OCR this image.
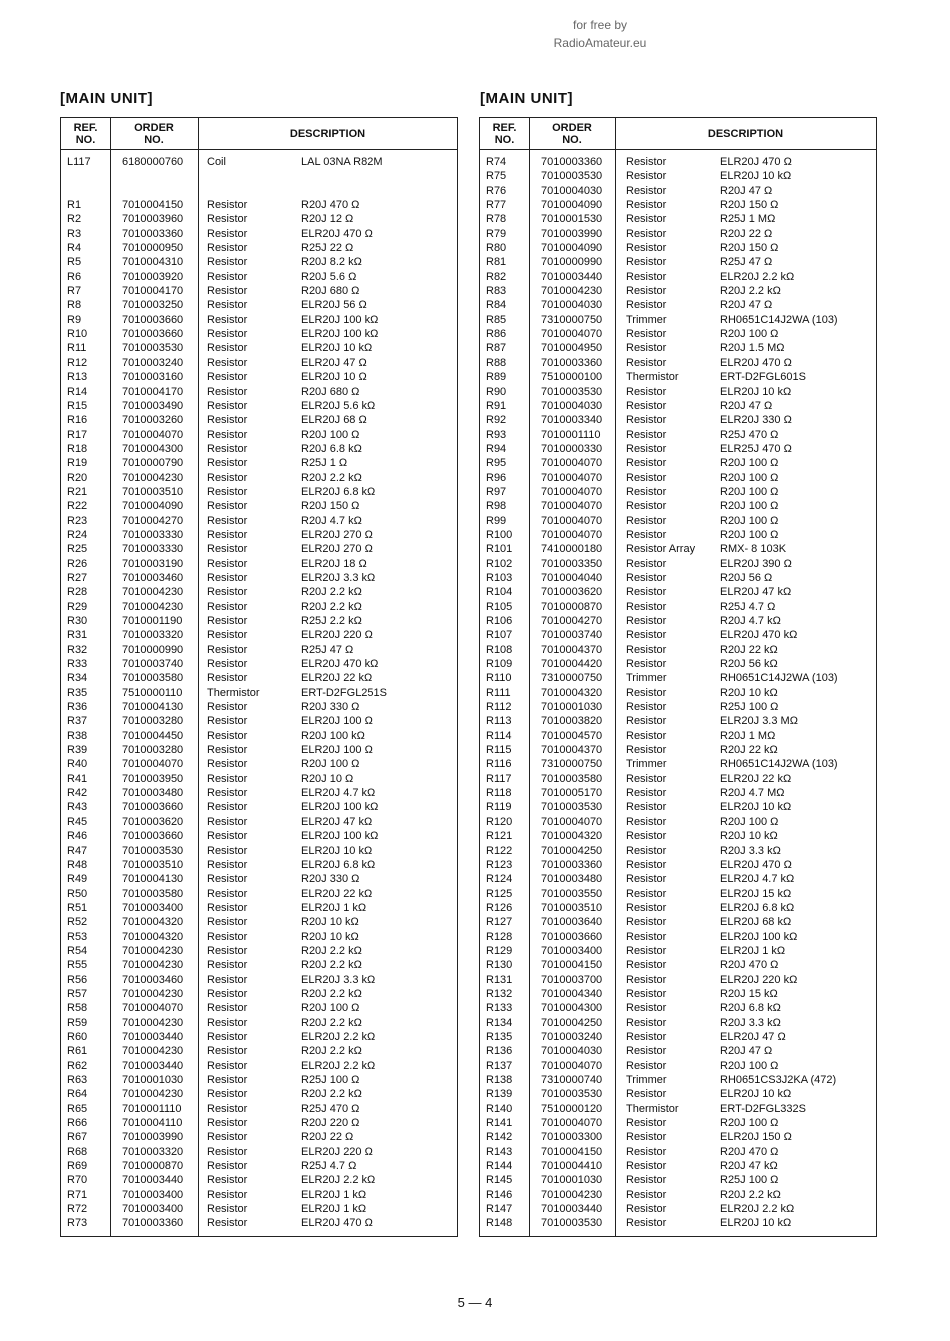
for free by
RadioAmateur.eu
[MAIN UNIT]	[MAIN UNIT]
REF.
NO.
ORDER
NO.	DESCRIPTION
L117	6180000760 Coil	LAL 03NA R82M
R1	7010004150 Resistor	R20J 470 Ω
R2	7010003960 Resistor	R20J 12 Ω
R3	7010003360 Resistor	ELR20J 470 Ω
R4	7010000950 Resistor	R25J 22 Ω
R5	7010004310 Resistor	R20J 8.2 kΩ
R6	7010003920 Resistor	R20J 5.6 Ω
R7	7010004170 Resistor	R20J 680 Ω
R8	7010003250 Resistor	ELR20J 56 Ω
R9	7010003660 Resistor	ELR20J 100 kΩ
R10	7010003660 Resistor	ELR20J 100 kΩ
R11	7010003530 Resistor	ELR20J 10 kΩ
R12	7010003240 Resistor	ELR20J 47 Ω
R13	7010003160 Resistor	ELR20J 10 Ω
R14	7010004170 Resistor	R20J 680 Ω
R15	7010003490 Resistor	ELR20J 5.6 kΩ
R16	7010003260 Resistor	ELR20J 68 Ω
R17	7010004070 Resistor	R20J 100 Ω
R18	7010004300 Resistor	R20J 6.8 kΩ
R19	7010000790 Resistor	R25J 1 Ω
R20	7010004230 Resistor	R20J 2.2 kΩ
R21	7010003510 Resistor	ELR20J 6.8 kΩ
R22	7010004090 Resistor	R20J 150 Ω
R23	7010004270 Resistor	R20J 4.7 kΩ
R24	7010003330 Resistor	ELR20J 270 Ω
R25	7010003330 Resistor	ELR20J 270 Ω
R26	7010003190 Resistor	ELR20J 18 Ω
R27	7010003460 Resistor	ELR20J 3.3 kΩ
R28	7010004230 Resistor	R20J 2.2 kΩ
R29	7010004230 Resistor	R20J 2.2 kΩ
R30	7010001190 Resistor	R25J 2.2 kΩ
R31	7010003320 Resistor	ELR20J 220 Ω
R32	7010000990 Resistor	R25J 47 Ω
R33	7010003740 Resistor	ELR20J 470 kΩ
R34	7010003580 Resistor	ELR20J 22 kΩ
R35	7510000110 Thermistor	ERT-D2FGL251S
R36	7010004130 Resistor	R20J 330 Ω
R37	7010003280 Resistor	ELR20J 100 Ω
R38	7010004450 Resistor	R20J 100 kΩ
R39	7010003280 Resistor	ELR20J 100 Ω
R40	7010004070 Resistor	R20J 100 Ω
R41	7010003950 Resistor	R20J 10 Ω
R42	7010003480 Resistor	ELR20J 4.7 kΩ
R43	7010003660 Resistor	ELR20J 100 kΩ
R45	7010003620 Resistor	ELR20J 47 kΩ
R46	7010003660 Resistor	ELR20J 100 kΩ
R47	7010003530 Resistor	ELR20J 10 kΩ
R48	7010003510 Resistor	ELR20J 6.8 kΩ
R49	7010004130 Resistor	R20J 330 Ω
R50	7010003580 Resistor	ELR20J 22 kΩ
R51	7010003400 Resistor	ELR20J 1 kΩ
R52	7010004320 Resistor	R20J 10 kΩ
R53	7010004320 Resistor	R20J 10 kΩ
R54	7010004230 Resistor	R20J 2.2 kΩ
R55	7010004230 Resistor	R20J 2.2 kΩ
R56	7010003460 Resistor	ELR20J 3.3 kΩ
R57	7010004230 Resistor	R20J 2.2 kΩ
R58	7010004070 Resistor	R20J 100 Ω
R59	7010004230 Resistor	R20J 2.2 kΩ
R60	7010003440 Resistor	ELR20J 2.2 kΩ
R61	7010004230 Resistor	R20J 2.2 kΩ
R62	7010003440 Resistor	ELR20J 2.2 kΩ
R63	7010001030 Resistor	R25J 100 Ω
R64	7010004230 Resistor	R20J 2.2 kΩ
R65	7010001110 Resistor	R25J 470 Ω
R66	7010004110 Resistor	R20J 220 Ω
R67	7010003990 Resistor	R20J 22 Ω
R68	7010003320 Resistor	ELR20J 220 Ω
R69	7010000870 Resistor	R25J 4.7 Ω
R70	7010003440 Resistor	ELR20J 2.2 kΩ
R71	7010003400 Resistor	ELR20J 1 kΩ
R72	7010003400 Resistor	ELR20J 1 kΩ
R73	7010003360 Resistor	ELR20J 470 Ω
REF.
NO.
ORDER
NO.	DESCRIPTION
R74	7010003360 Resistor	ELR20J 470 Ω
R75	7010003530 Resistor	ELR20J 10 kΩ
R76	7010004030 Resistor	R20J 47 Ω
R77	7010004090 Resistor	R20J 150 Ω
R78	7010001530 Resistor	R25J 1 MΩ
R79	7010003990 Resistor	R20J 22 Ω
R80	7010004090 Resistor	R20J 150 Ω
R81	7010000990 Resistor	R25J 47 Ω
R82	7010003440 Resistor	ELR20J 2.2 kΩ
R83	7010004230 Resistor	R20J 2.2 kΩ
R84	7010004030 Resistor	R20J 47 Ω
R85	7310000750 Trimmer	RH0651C14J2WA (103)
R86	7010004070 Resistor	R20J 100 Ω
R87	7010004950 Resistor	R20J 1.5 MΩ
R88	7010003360 Resistor	ELR20J 470 Ω
R89	7510000100 Thermistor	ERT-D2FGL601S
R90	7010003530 Resistor	ELR20J 10 kΩ
R91	7010004030 Resistor	R20J 47 Ω
R92	7010003340 Resistor	ELR20J 330 Ω
R93	7010001110 Resistor	R25J 470 Ω
R94	7010000330 Resistor	ELR25J 470 Ω
R95	7010004070 Resistor	R20J 100 Ω
R96	7010004070 Resistor	R20J 100 Ω
R97	7010004070 Resistor	R20J 100 Ω
R98	7010004070 Resistor	R20J 100 Ω
R99	7010004070 Resistor	R20J 100 Ω
R100	7010004070 Resistor	R20J 100 Ω
R101	7410000180 Resistor Array RMX- 8 103K
R102	7010003350 Resistor	ELR20J 390 Ω
R103	7010004040 Resistor	R20J 56 Ω
R104	7010003620 Resistor	ELR20J 47 kΩ
R105	7010000870 Resistor	R25J 4.7 Ω
R106	7010004270 Resistor	R20J 4.7 kΩ
R107	7010003740 Resistor	ELR20J 470 kΩ
R108	7010004370 Resistor	R20J 22 kΩ
R109	7010004420 Resistor	R20J 56 kΩ
R110	7310000750 Trimmer	RH0651C14J2WA (103)
R111	7010004320 Resistor	R20J 10 kΩ
R112	7010001030 Resistor	R25J 100 Ω
R113	7010003820 Resistor	ELR20J 3.3 MΩ
R114	7010004570 Resistor	R20J 1 MΩ
R115	7010004370 Resistor	R20J 22 kΩ
R116	7310000750 Trimmer	RH0651C14J2WA (103)
R117	7010003580 Resistor	ELR20J 22 kΩ
R118	7010005170 Resistor	R20J 4.7 MΩ
R119	7010003530 Resistor	ELR20J 10 kΩ
R120	7010004070 Resistor	R20J 100 Ω
R121	7010004320 Resistor	R20J 10 kΩ
R122	7010004250 Resistor	R20J 3.3 kΩ
R123	7010003360 Resistor	ELR20J 470 Ω
R124	7010003480 Resistor	ELR20J 4.7 kΩ
R125	7010003550 Resistor	ELR20J 15 kΩ
R126	7010003510 Resistor	ELR20J 6.8 kΩ
R127	7010003640 Resistor	ELR20J 68 kΩ
R128	7010003660 Resistor	ELR20J 100 kΩ
R129	7010003400 Resistor	ELR20J 1 kΩ
R130	7010004150 Resistor	R20J 470 Ω
R131	7010003700 Resistor	ELR20J 220 kΩ
R132	7010004340 Resistor	R20J 15 kΩ
R133	7010004300 Resistor	R20J 6.8 kΩ
R134	7010004250 Resistor	R20J 3.3 kΩ
R135	7010003240 Resistor	ELR20J 47 Ω
R136	7010004030 Resistor	R20J 47 Ω
R137	7010004070 Resistor	R20J 100 Ω
R138	7310000740 Trimmer	RH0651CS3J2KA (472)
R139	7010003530 Resistor	ELR20J 10 kΩ
R140	7510000120 Thermistor	ERT-D2FGL332S
R141	7010004070 Resistor	R20J 100 Ω
R142	7010003300 Resistor	ELR20J 150 Ω
R143	7010004150 Resistor	R20J 470 Ω
R144	7010004410 Resistor	R20J 47 kΩ
R145	7010001030 Resistor	R25J 100 Ω
R146	7010004230 Resistor	R20J 2.2 kΩ
R147	7010003440 Resistor	ELR20J 2.2 kΩ
R148	7010003530 Resistor	ELR20J 10 kΩ
5 — 4
